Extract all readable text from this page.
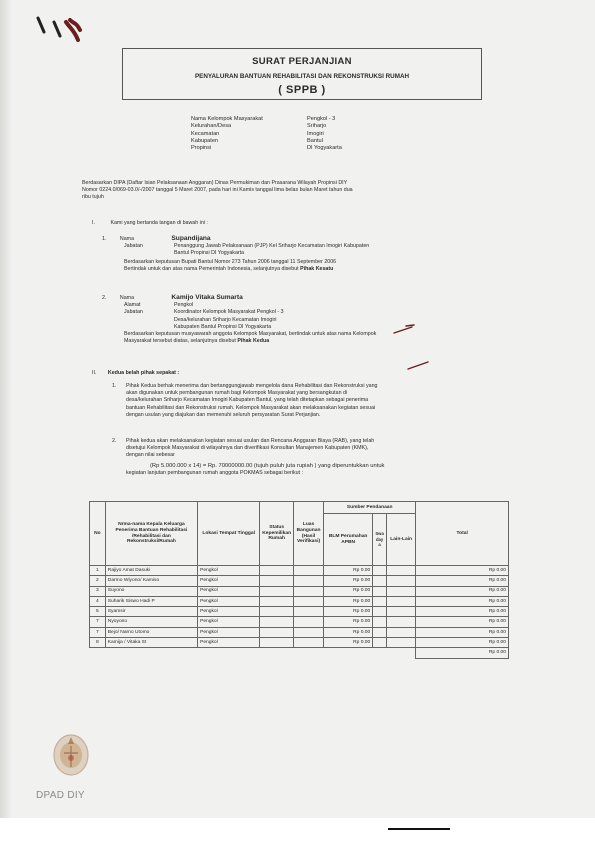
SURAT PERJANJIAN
PENYALURAN BANTUAN REHABILITASI DAN REKONSTRUKSI RUMAH
( SPPB )
Nama Kelompok Masyarakat	Pengkol - 3
Kelurahan/Desa	Sriharjo
Kecamatan	Imogiri
Kabupaten	Bantul
Propinsi	DI Yogyakarta
Berdasarkan DIPA (Daftar Isian Pelaksanaan Anggaran) Dinas Permukiman dan Prasarana Wilayah Propinsi DIY
Nomor 0224.0/069-03.0/-/2007 tanggal 5 Maret 2007, pada hari ini Kamis tanggal lima belas bulan Maret tahun dua
ribu tujuh
I.	Kami yang bertanda tangan di bawah ini :
1.	Nama	Supandijana
Jabatan	Penanggung Jawab Pelaksanaan (PJP) Kel Sriharjo Kecamatan Imogiri Kabupaten
Bantul Propinsi DI Yogyakarta
Berdasarkan keputusan Bupati Bantul Nomor 273 Tahun 2006 tanggal 11 September 2006
Bertindak untuk dan atas nama Pemerintah Indonesia, selanjutnya disebut Pihak Kesatu
2.	Nama	Kamijo Vitaka Sumarta
Alamat	Pengkol
Jabatan	Koordinator Kelompok Masyarakat Pengkol - 3
Desa/kelurahan Sriharjo Kecamatan Imogiri
Kabupaten Bantul Propinsi DI Yogyakarta
Berdasarkan keputusan musyawarah anggota Kelompok Masyarakat, bertindak untuk atas nama Kelompok
Masyarakat tersebut diatas, selanjutnya disebut Pihak Kedua
II. Kedua belah pihak sepakat :
1. Pihak Kedua berhak menerima dan bertanggungjawab mengelola dana Rehabilitasi dan Rekonstruksi yang
akan digunakan untuk pembangunan rumah bagi Kelompok Masyarakat yang bersangkutan di
desa/kelurahan Sriharjo Kecamatan Imogiri Kabupaten Bantul, yang telah ditetapkan sebagai penerima
bantuan Rehabilitasi dan Rekonstruksi rumah. Kelompok Masyarakat akan melaksanakan kegiatan sesuai
dengan usulan yang diajukan dan memenuhi seluruh persyaratan Surat Perjanjian.
2. Pihak kedua akan melaksanakan kegiatan sesuai usulan dan Rencana Anggaran Biaya (RAB), yang telah
disetujui Kelompok Masyarakat di wilayahnya dan diverifikasi Konsultan Manajemen Kabupaten (KMK),
dengan nilai sebesar
(Rp 5.000.000 x 14) = Rp. 70000000.00 (tujuh puluh juta rupiah ) yang diperuntukkan untuk
kegiatan lanjutan pembangunan rumah anggota POKMAS sebagai berikut :
No	Nrma-nama Kepala Keluarga Penerima Bantuan Rehabilitasi /Rehabilitasi dan Rekonstruksi/Rumah	Lokasi Tempat Tinggal	Status Kepemilikan Rumah	Luas Bangunan (Hasil Verifikasi)	Sumber Pendanaan			Total
					BLM Perumahan APBN	Swadaya	Lain-Lain	
1	Rajiyo Amat Dasuki	Pengkol			Rp 0.00			Rp 0.00
2	Darmo Wiyono/ Kamiso	Pengkol			Rp 0.00			Rp 0.00
3	Suyono	Pengkol			Rp 0.00			Rp 0.00
4	Suharik Siswo Hadi P	Pengkol			Rp 0.00			Rp 0.00
5	Syamsir	Pengkol			Rp 0.00			Rp 0.00
7	Nyoyono	Pengkol			Rp 0.00			Rp 0.00
7	Bejo/ Narno Utomo	Pengkol			Rp 0.00			Rp 0.00
8	Kamija / Vitaka St	Pengkol			Rp 0.00			Rp 0.00
								Rp 0.00
DPAD DIY
